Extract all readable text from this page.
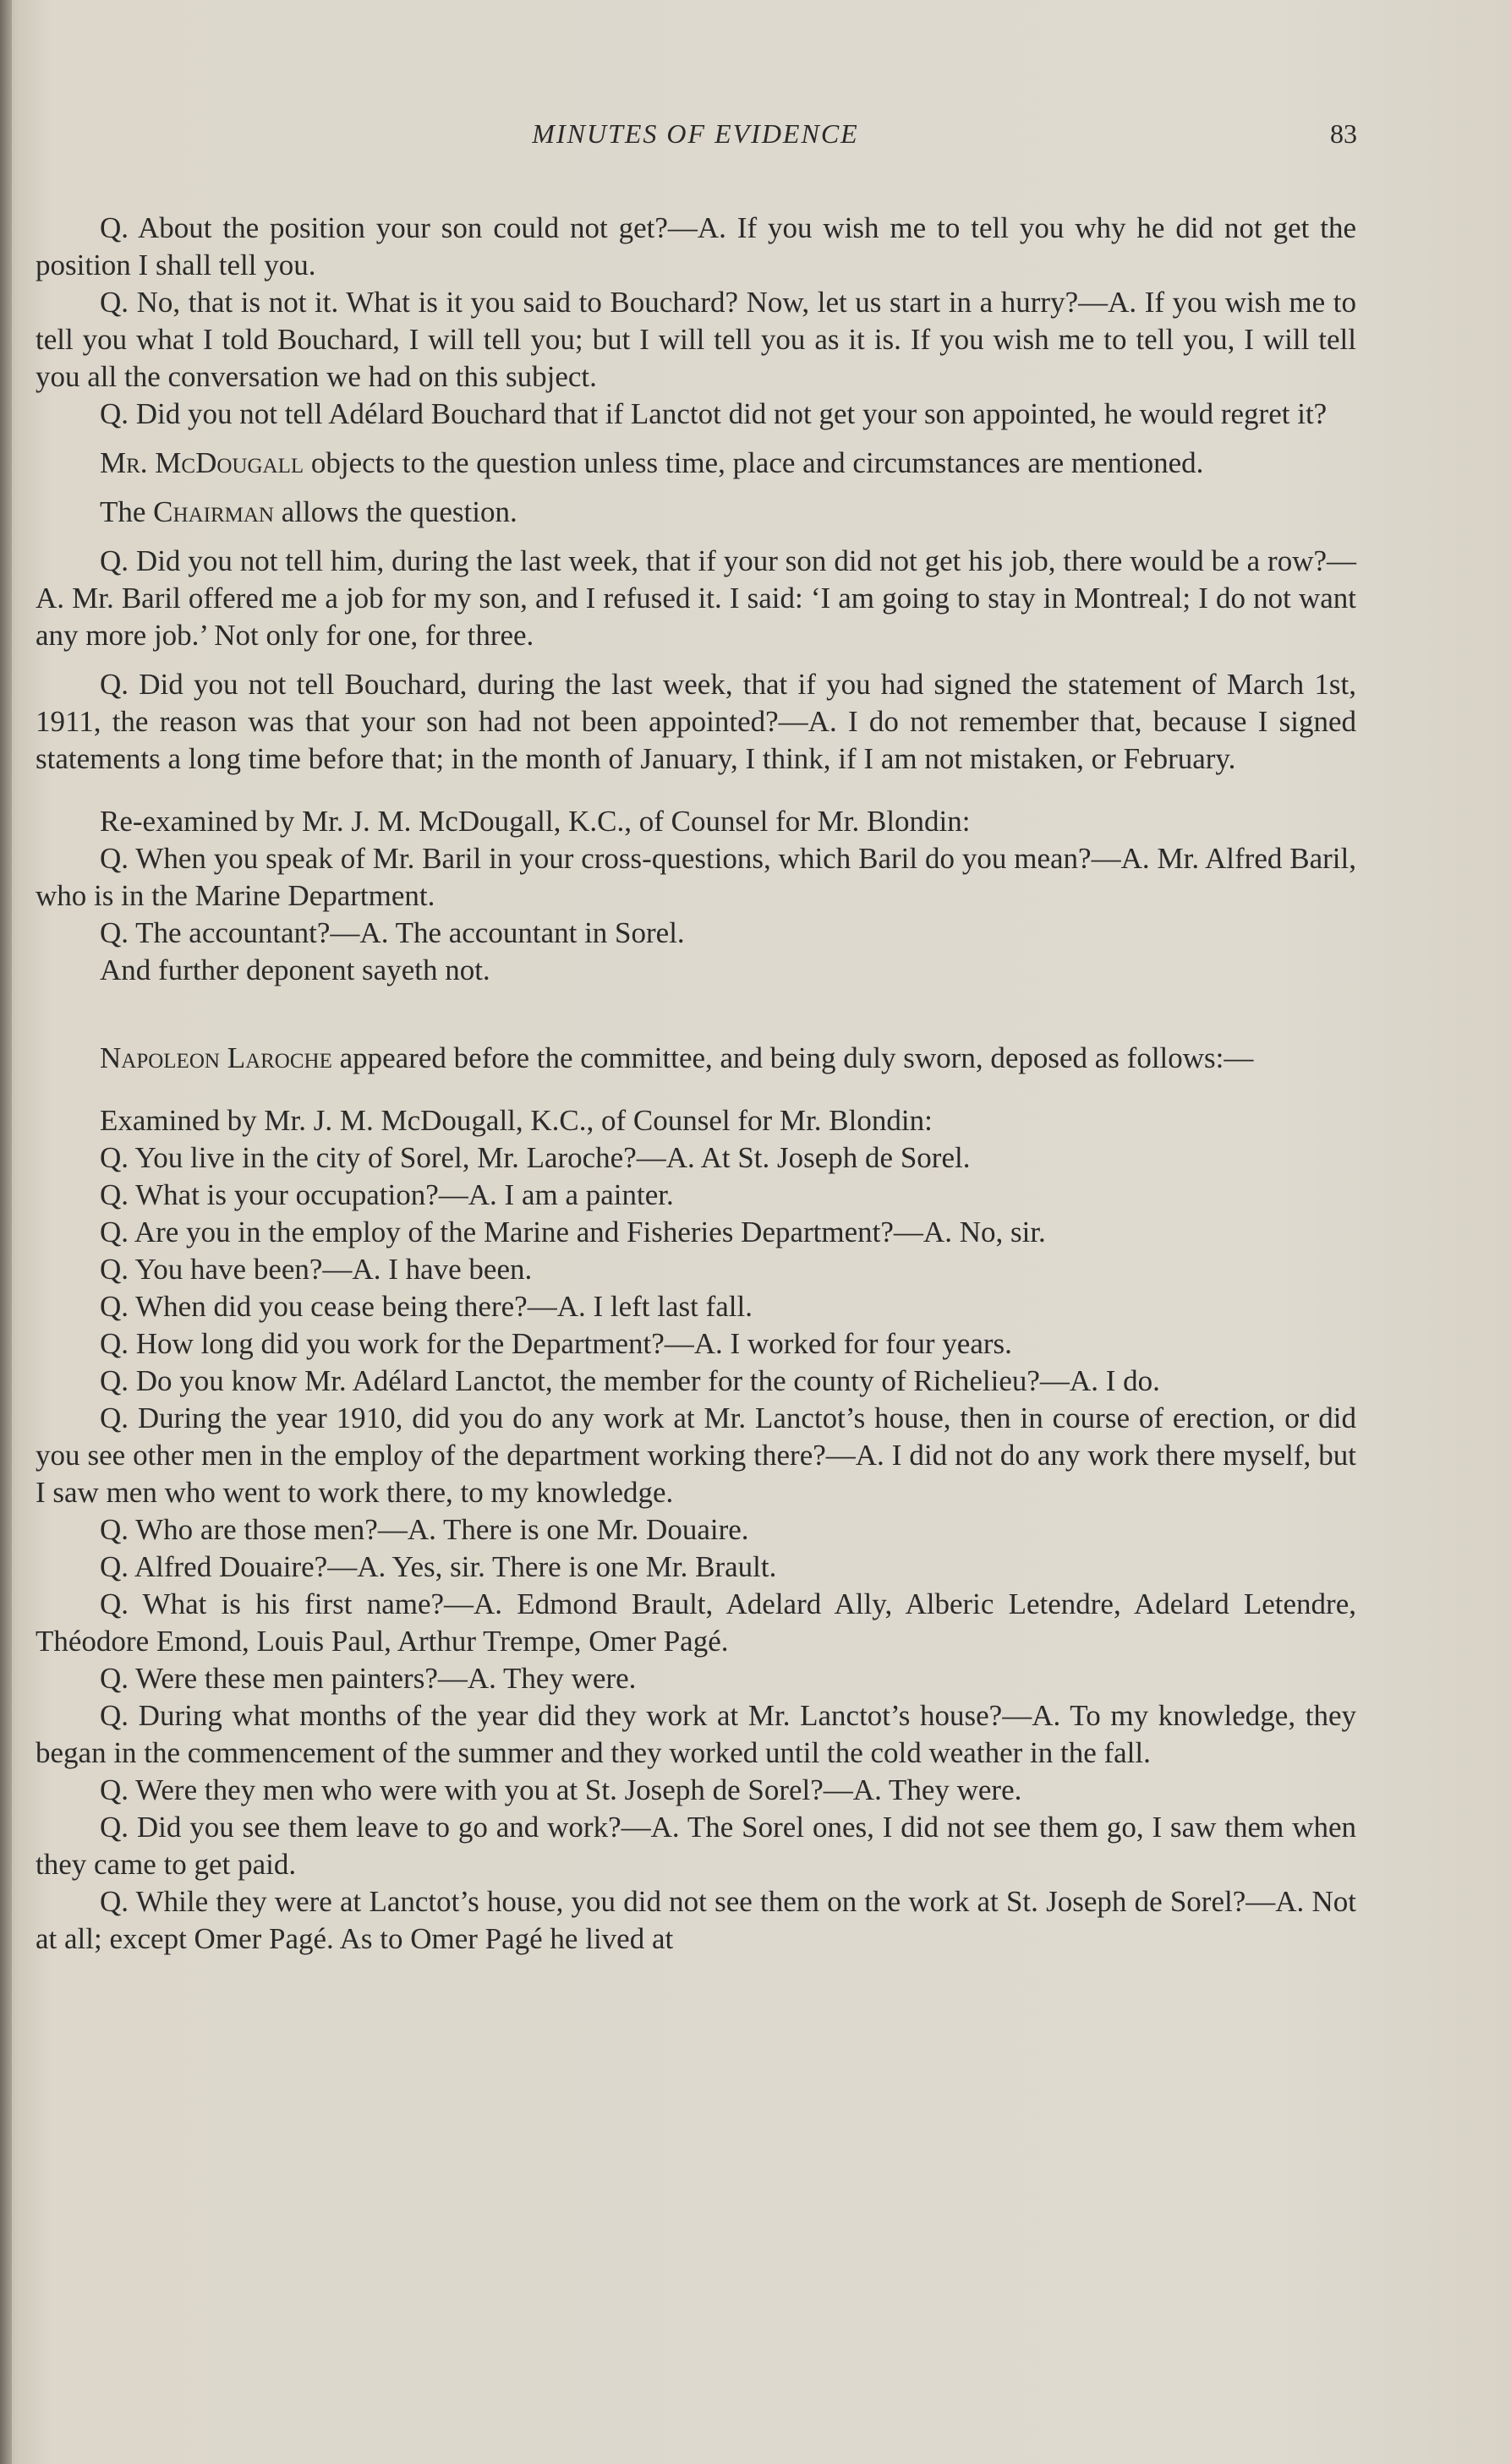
MINUTES OF EVIDENCE	83

Q. About the position your son could not get?—A. If you wish me to tell you why he did not get the position I shall tell you.

Q. No, that is not it. What is it you said to Bouchard? Now, let us start in a hurry?—A. If you wish me to tell you what I told Bouchard, I will tell you; but I will tell you as it is. If you wish me to tell you, I will tell you all the conversation we had on this subject.

Q. Did you not tell Adélard Bouchard that if Lanctot did not get your son appointed, he would regret it?

Mr. McDougall objects to the question unless time, place and circumstances are mentioned.

The Chairman allows the question.

Q. Did you not tell him, during the last week, that if your son did not get his job, there would be a row?—A. Mr. Baril offered me a job for my son, and I refused it. I said: ‘I am going to stay in Montreal; I do not want any more job.’ Not only for one, for three.

Q. Did you not tell Bouchard, during the last week, that if you had signed the statement of March 1st, 1911, the reason was that your son had not been appointed?—A. I do not remember that, because I signed statements a long time before that; in the month of January, I think, if I am not mistaken, or February.

Re-examined by Mr. J. M. McDougall, K.C., of Counsel for Mr. Blondin:

Q. When you speak of Mr. Baril in your cross-questions, which Baril do you mean?—A. Mr. Alfred Baril, who is in the Marine Department.

Q. The accountant?—A. The accountant in Sorel.

And further deponent sayeth not.

Napoleon Laroche appeared before the committee, and being duly sworn, deposed as follows:—

Examined by Mr. J. M. McDougall, K.C., of Counsel for Mr. Blondin:

Q. You live in the city of Sorel, Mr. Laroche?—A. At St. Joseph de Sorel.

Q. What is your occupation?—A. I am a painter.

Q. Are you in the employ of the Marine and Fisheries Department?—A. No, sir.

Q. You have been?—A. I have been.

Q. When did you cease being there?—A. I left last fall.

Q. How long did you work for the Department?—A. I worked for four years.

Q. Do you know Mr. Adélard Lanctot, the member for the county of Richelieu?—A. I do.

Q. During the year 1910, did you do any work at Mr. Lanctot’s house, then in course of erection, or did you see other men in the employ of the department working there?—A. I did not do any work there myself, but I saw men who went to work there, to my knowledge.

Q. Who are those men?—A. There is one Mr. Douaire.

Q. Alfred Douaire?—A. Yes, sir. There is one Mr. Brault.

Q. What is his first name?—A. Edmond Brault, Adelard Ally, Alberic Letendre, Adelard Letendre, Théodore Emond, Louis Paul, Arthur Trempe, Omer Pagé.

Q. Were these men painters?—A. They were.

Q. During what months of the year did they work at Mr. Lanctot’s house?—A. To my knowledge, they began in the commencement of the summer and they worked until the cold weather in the fall.

Q. Were they men who were with you at St. Joseph de Sorel?—A. They were.

Q. Did you see them leave to go and work?—A. The Sorel ones, I did not see them go, I saw them when they came to get paid.

Q. While they were at Lanctot’s house, you did not see them on the work at St. Joseph de Sorel?—A. Not at all; except Omer Pagé. As to Omer Pagé he lived at
